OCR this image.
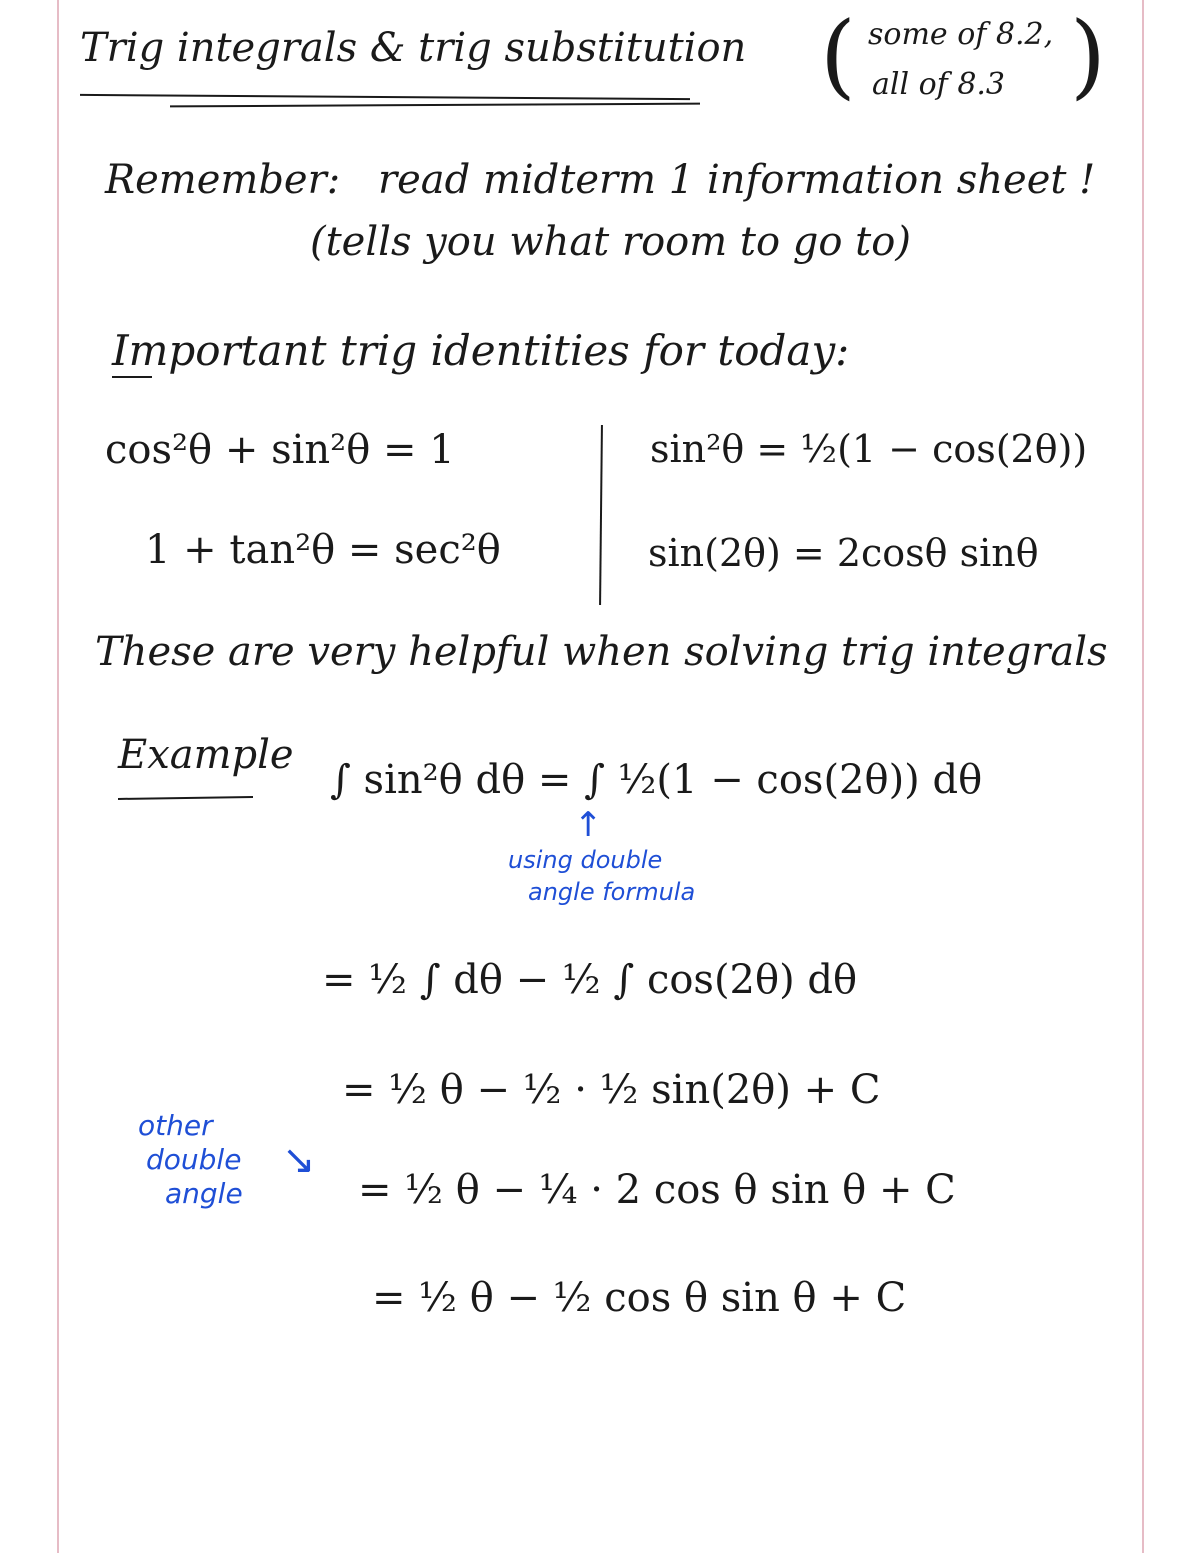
Trig integrals & trig substitution ( some of 8.2,
all of 8.3 )
Remember: read midterm 1 information sheet !
(tells you what room to go to)
Important trig identities for today:
cos²θ + sin²θ = 1
1 + tan²θ = sec²θ
sin²θ = ½(1 − cos(2θ))
sin(2θ) = 2cosθ sinθ
These are very helpful when solving trig integrals
Example
∫ sin²θ dθ = ∫ ½(1 − cos(2θ)) dθ
↑
using double
angle formula
= ½ ∫ dθ − ½ ∫ cos(2θ) dθ
= ½ θ − ½ · ½ sin(2θ) + C
other
double
angle
↘
= ½ θ − ¼ · 2 cos θ sin θ + C
= ½ θ − ½ cos θ sin θ + C
